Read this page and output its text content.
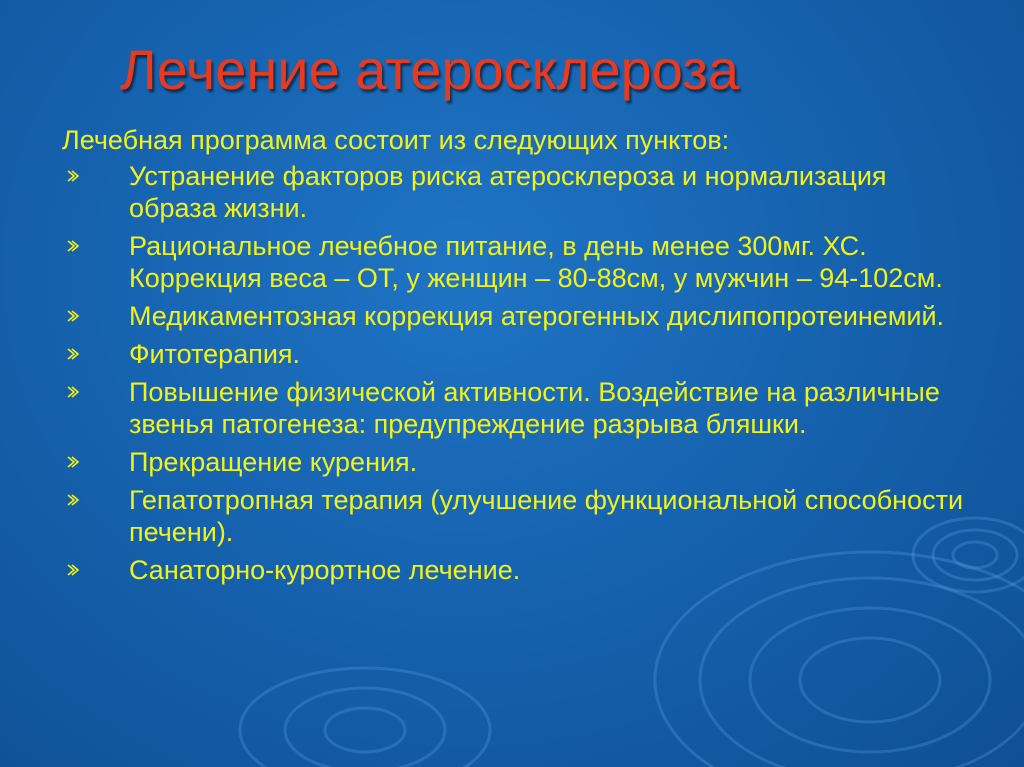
Лечение атеросклероза

Лечебная программа состоит из следующих пунктов:

Устранение факторов риска атеросклероза и нормализация образа жизни.
Рациональное лечебное питание, в день менее 300мг. ХС. Коррекция веса – ОТ, у женщин – 80-88см, у мужчин – 94-102см.
Медикаментозная коррекция атерогенных дислипопротеинемий.
Фитотерапия.
Повышение физической активности. Воздействие на различные звенья патогенеза: предупреждение разрыва бляшки.
Прекращение курения.
Гепатотропная терапия (улучшение функциональной способности печени).
Санаторно-курортное лечение.
